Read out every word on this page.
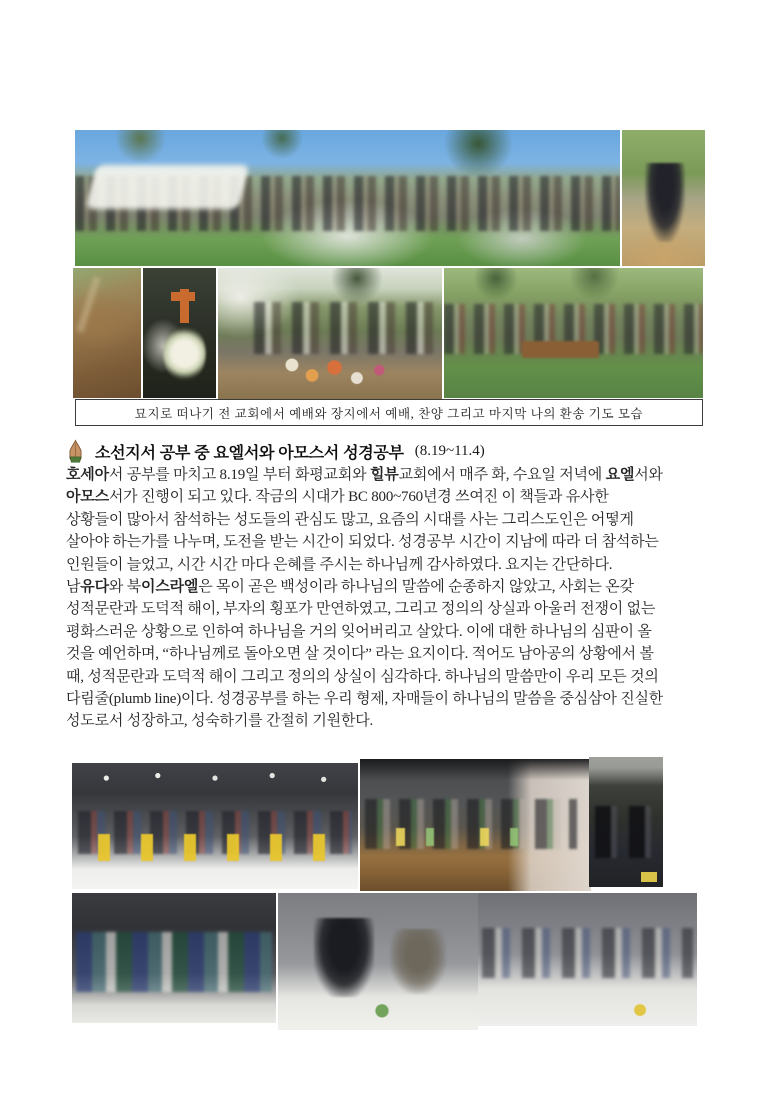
묘지로 떠나기 전 교회에서 예배와 장지에서 예배, 찬양 그리고 마지막 나의 환송 기도 모습
소선지서 공부 중 요엘서와 아모스서 성경공부 (8.19~11.4)
호세아서 공부를 마치고 8.19일 부터 화평교회와 힐뷰교회에서 매주 화, 수요일 저녁에 요엘서와
아모스서가 진행이 되고 있다. 작금의 시대가 BC 800~760년경 쓰여진 이 책들과 유사한
상황들이 많아서 참석하는 성도들의 관심도 많고, 요즘의 시대를 사는 그리스도인은 어떻게
살아야 하는가를 나누며, 도전을 받는 시간이 되었다. 성경공부 시간이 지남에 따라 더 참석하는
인원들이 늘었고, 시간 시간 마다 은혜를 주시는 하나님께 감사하였다. 요지는 간단하다.
남유다와 북이스라엘은 목이 곧은 백성이라 하나님의 말씀에 순종하지 않았고, 사회는 온갖
성적문란과 도덕적 해이, 부자의 횡포가 만연하였고, 그리고 정의의 상실과 아울러 전쟁이 없는
평화스러운 상황으로 인하여 하나님을 거의 잊어버리고 살았다. 이에 대한 하나님의 심판이 올
것을 예언하며, “하나님께로 돌아오면 살 것이다” 라는 요지이다. 적어도 남아공의 상황에서 볼
때, 성적문란과 도덕적 해이 그리고 정의의 상실이 심각하다. 하나님의 말씀만이 우리 모든 것의
다림줄(plumb line)이다. 성경공부를 하는 우리 형제, 자매들이 하나님의 말씀을 중심삼아 진실한
성도로서 성장하고, 성숙하기를 간절히 기원한다.
